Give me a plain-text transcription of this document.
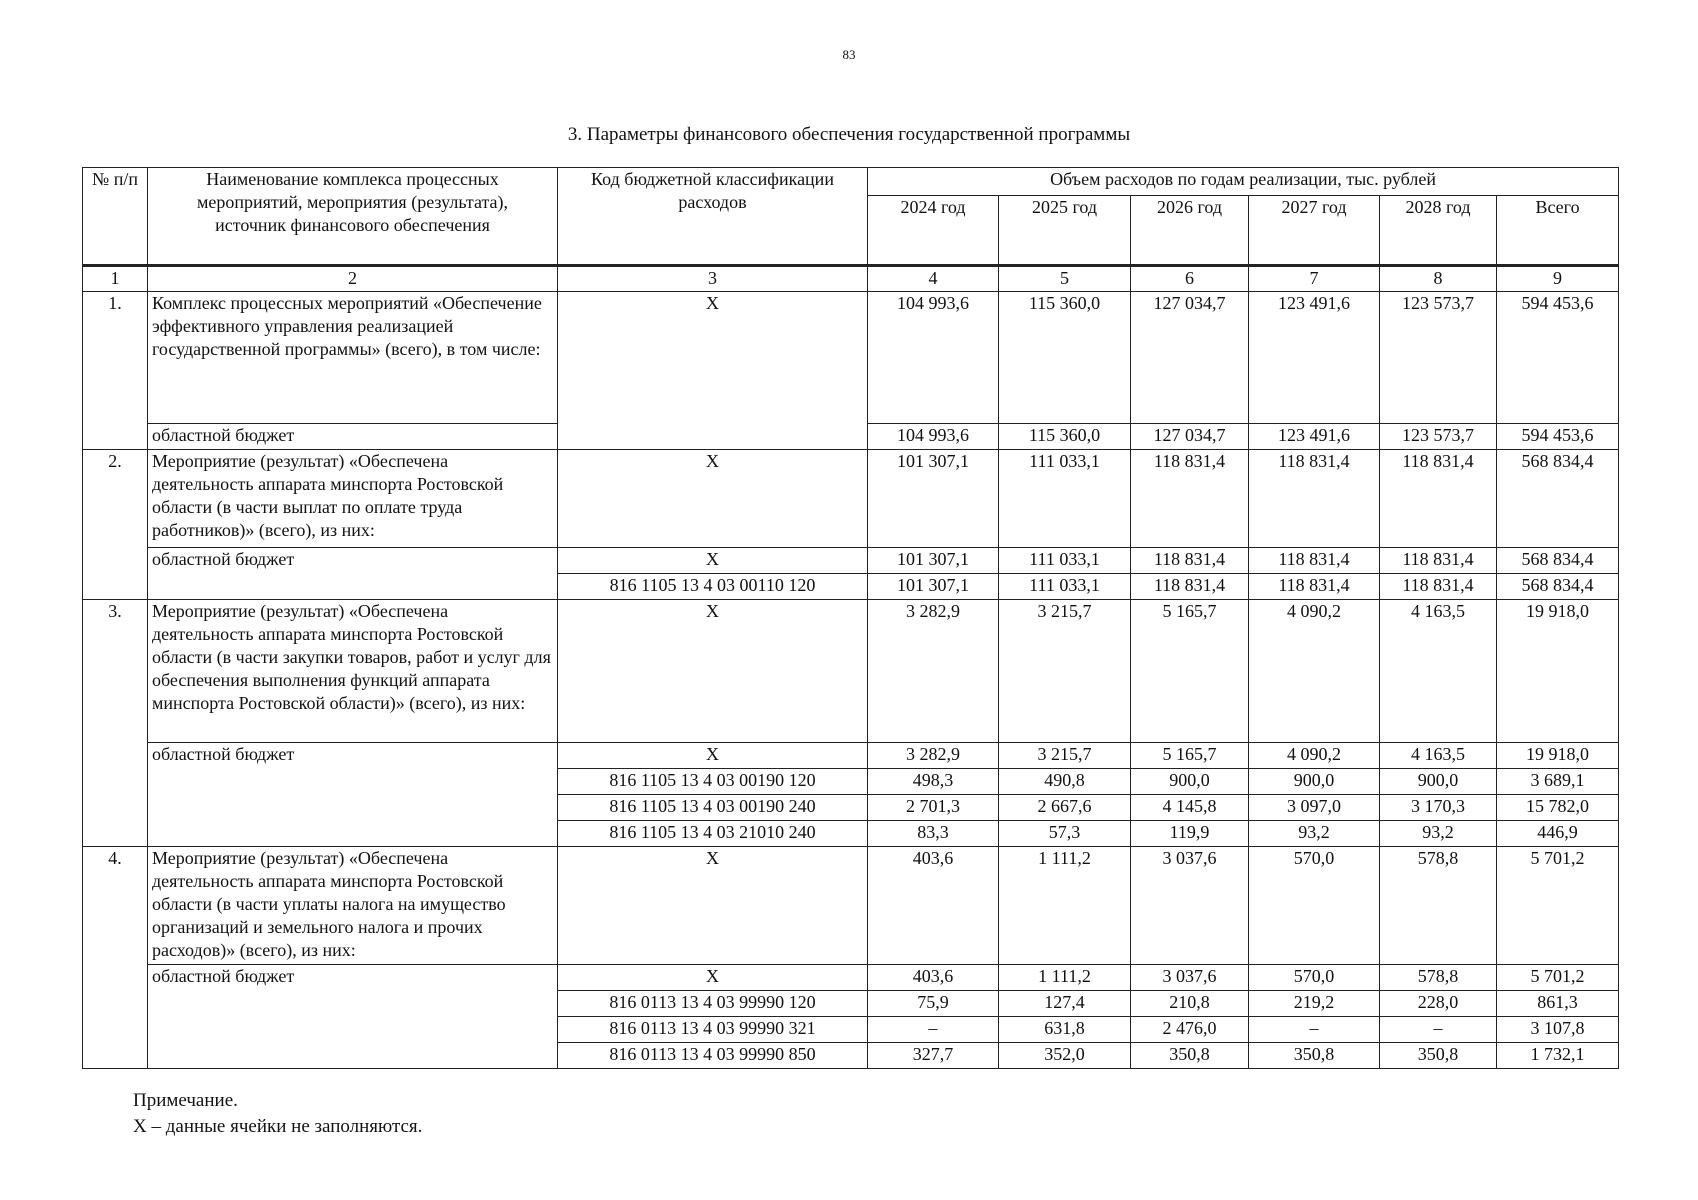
83
3. Параметры финансового обеспечения государственной программы
№ п/п	Наименование комплекса процессных мероприятий, мероприятия (результата), источник финансового обеспечения	Код бюджетной классификации расходов	Объем расходов по годам реализации, тыс. рублей					
			2024 год	2025 год	2026 год	2027 год	2028 год	Всего
1	2	3	4	5	6	7	8	9
1.	Комплекс процессных мероприятий «Обеспечение эффективного управления реализацией государственной программы» (всего), в том числе:	X	104 993,6	115 360,0	127 034,7	123 491,6	123 573,7	594 453,6
	областной бюджет		104 993,6	115 360,0	127 034,7	123 491,6	123 573,7	594 453,6
2.	Мероприятие (результат) «Обеспечена деятельность аппарата минспорта Ростовской области (в части выплат по оплате труда работников)» (всего), из них:	X	101 307,1	111 033,1	118 831,4	118 831,4	118 831,4	568 834,4
	областной бюджет	X	101 307,1	111 033,1	118 831,4	118 831,4	118 831,4	568 834,4
		816 1105 13 4 03 00110 120	101 307,1	111 033,1	118 831,4	118 831,4	118 831,4	568 834,4
3.	Мероприятие (результат) «Обеспечена деятельность аппарата минспорта Ростовской области (в части закупки товаров, работ и услуг для обеспечения выполнения функций аппарата минспорта Ростовской области)» (всего), из них:	X	3 282,9	3 215,7	5 165,7	4 090,2	4 163,5	19 918,0
	областной бюджет	X	3 282,9	3 215,7	5 165,7	4 090,2	4 163,5	19 918,0
		816 1105 13 4 03 00190 120	498,3	490,8	900,0	900,0	900,0	3 689,1
		816 1105 13 4 03 00190 240	2 701,3	2 667,6	4 145,8	3 097,0	3 170,3	15 782,0
		816 1105 13 4 03 21010 240	83,3	57,3	119,9	93,2	93,2	446,9
4.	Мероприятие (результат) «Обеспечена деятельность аппарата минспорта Ростовской области (в части уплаты налога на имущество организаций и земельного налога и прочих расходов)» (всего), из них:	X	403,6	1 111,2	3 037,6	570,0	578,8	5 701,2
	областной бюджет	X	403,6	1 111,2	3 037,6	570,0	578,8	5 701,2
		816 0113 13 4 03 99990 120	75,9	127,4	210,8	219,2	228,0	861,3
		816 0113 13 4 03 99990 321	–	631,8	2 476,0	–	–	3 107,8
		816 0113 13 4 03 99990 850	327,7	352,0	350,8	350,8	350,8	1 732,1
Примечание.
Х – данные ячейки не заполняются.
